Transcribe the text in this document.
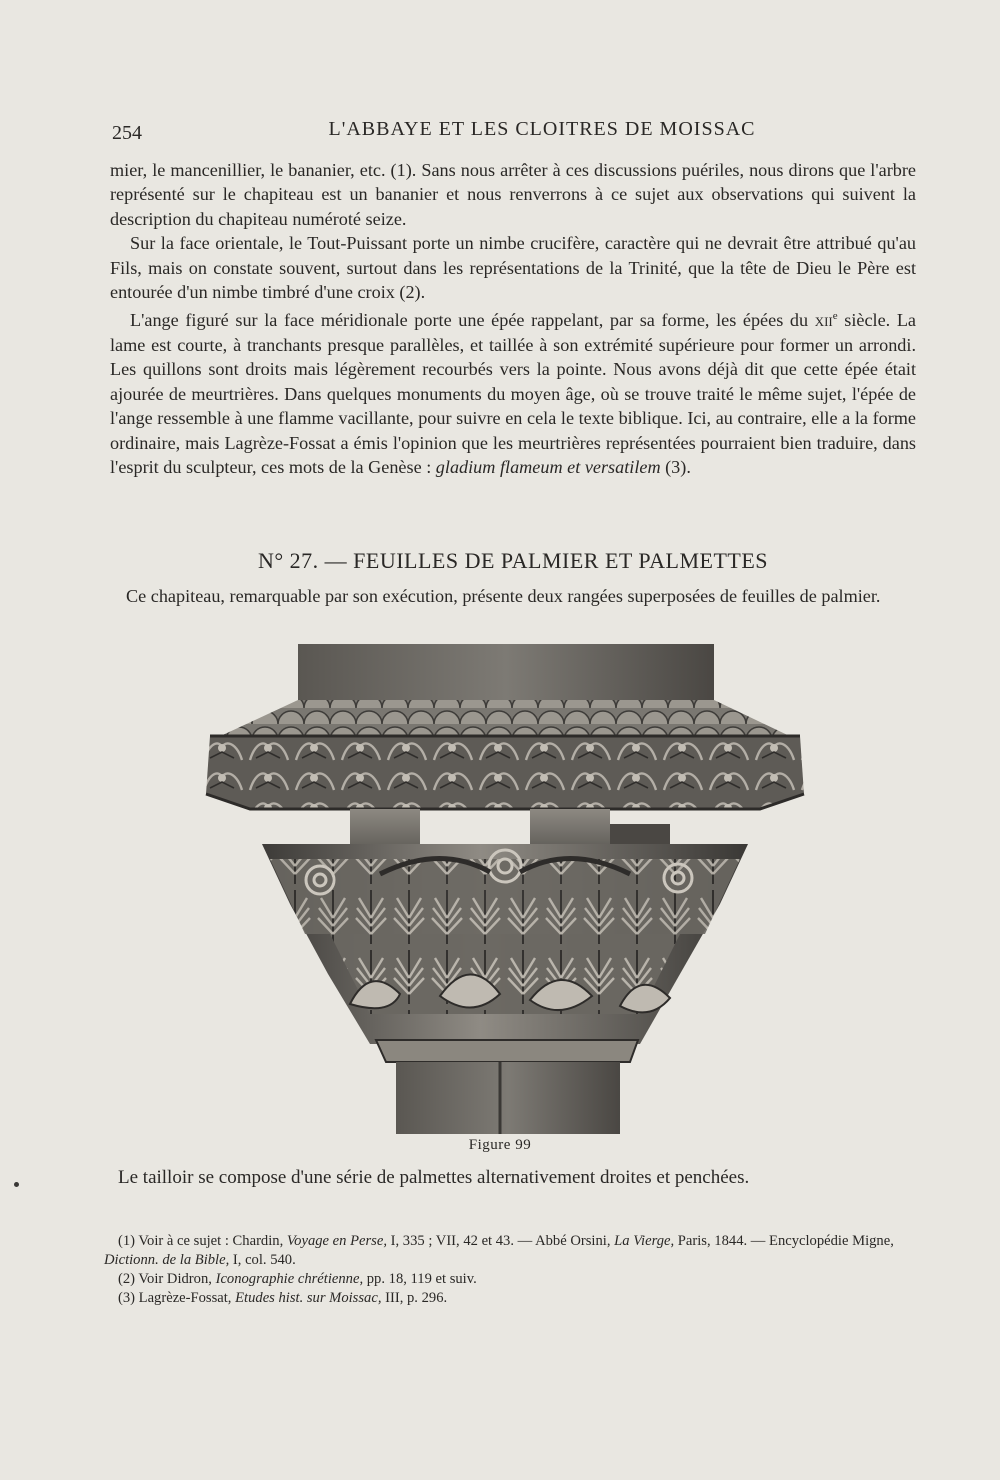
254	L'ABBAYE ET LES CLOITRES DE MOISSAC

mier, le mancenillier, le bananier, etc. (1). Sans nous arrêter à ces discussions puériles, nous dirons que l'arbre représenté sur le chapiteau est un bananier et nous renverrons à ce sujet aux observations qui suivent la description du chapiteau numéroté seize.

Sur la face orientale, le Tout-Puissant porte un nimbe crucifère, caractère qui ne devrait être attribué qu'au Fils, mais on constate souvent, surtout dans les représentations de la Trinité, que la tête de Dieu le Père est entourée d'un nimbe timbré d'une croix (2).

L'ange figuré sur la face méridionale porte une épée rappelant, par sa forme, les épées du xii$^e$ siècle. La lame est courte, à tranchants presque parallèles, et taillée à son extrémité supérieure pour former un arrondi. Les quillons sont droits mais légèrement recourbés vers la pointe. Nous avons déjà dit que cette épée était ajourée de meurtrières. Dans quelques monuments du moyen âge, où se trouve traité le même sujet, l'épée de l'ange ressemble à une flamme vacillante, pour suivre en cela le texte biblique. Ici, au contraire, elle a la forme ordinaire, mais Lagrèze-Fossat a émis l'opinion que les meurtrières représentées pourraient bien traduire, dans l'esprit du sculpteur, ces mots de la Genèse : gladium flameum et versatilem (3).

N° 27. — FEUILLES DE PALMIER ET PALMETTES

Ce chapiteau, remarquable par son exécution, présente deux rangées superposées de feuilles de palmier.

Figure 99

Le tailloir se compose d'une série de palmettes alternativement droites et penchées.

(1) Voir à ce sujet : Chardin, Voyage en Perse, I, 335 ; VII, 42 et 43. — Abbé Orsini, La Vierge, Paris, 1844. — Encyclopédie Migne, Dictionn. de la Bible, I, col. 540.

(2) Voir Didron, Iconographie chrétienne, pp. 18, 119 et suiv.

(3) Lagrèze-Fossat, Etudes hist. sur Moissac, III, p. 296.
